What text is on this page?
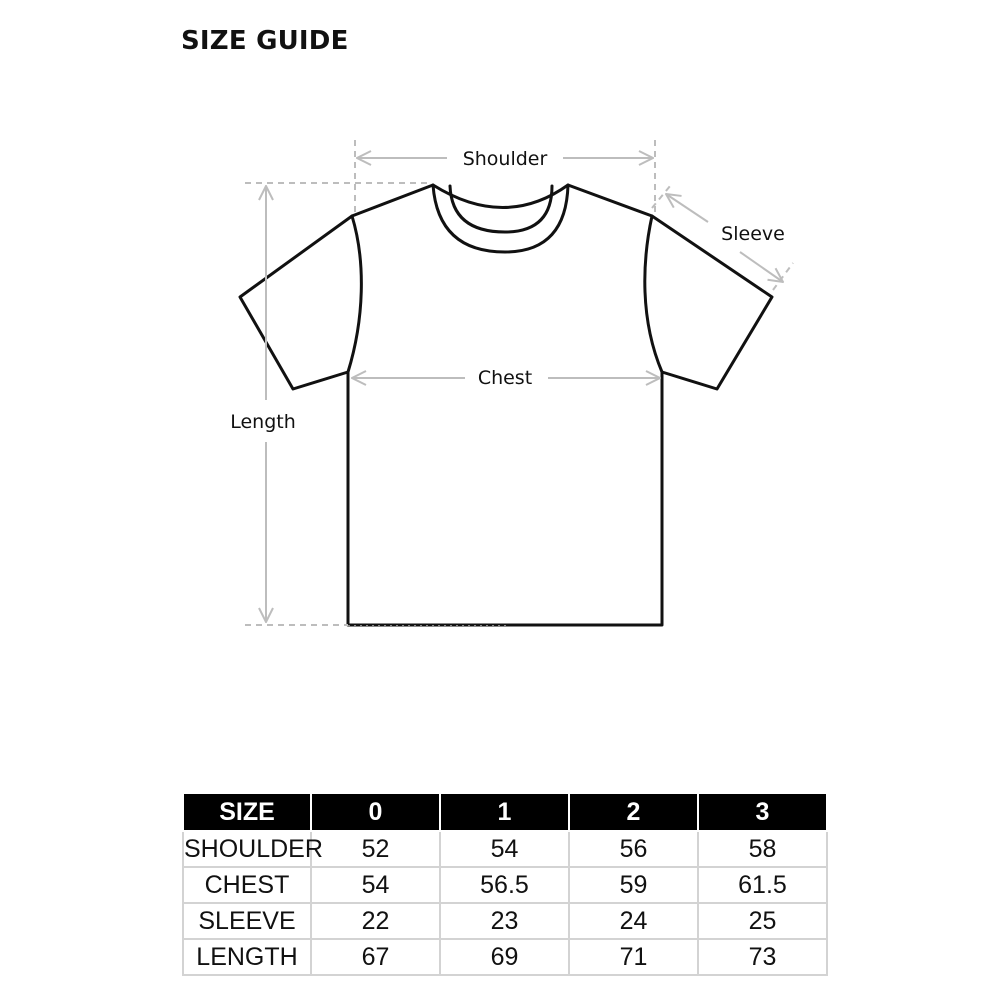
SIZE GUIDE
Shoulder
Sleeve
Chest
Length
SIZE	0	1	2	3
SHOULDER	52	54	56	58
CHEST	54	56.5	59	61.5
SLEEVE	22	23	24	25
LENGTH	67	69	71	73
